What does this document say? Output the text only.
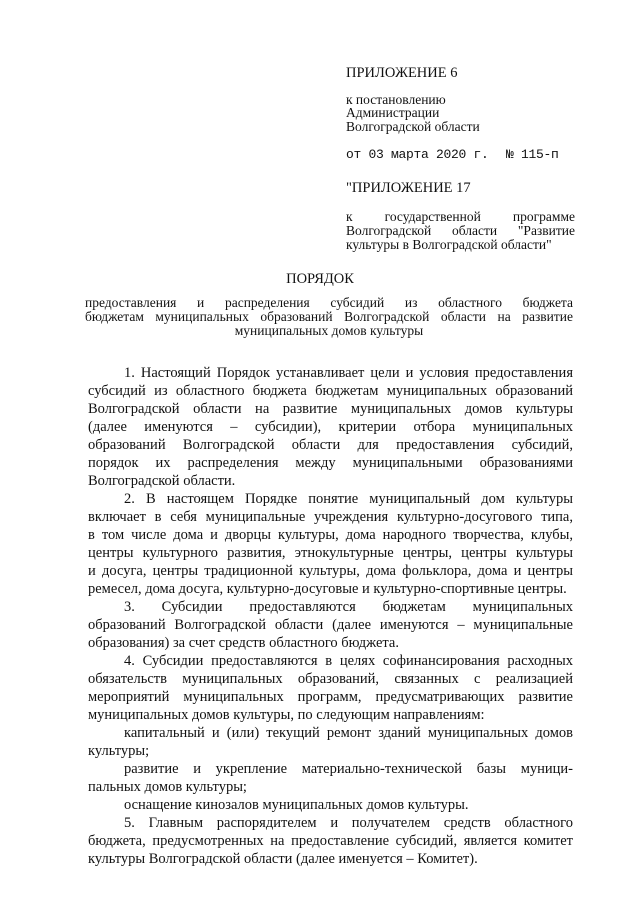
ПРИЛОЖЕНИЕ 6
к постановлению
Администрации
Волгоградской области
от 03 марта 2020 г. № 115-п
"ПРИЛОЖЕНИЕ 17
к государственной программе
Волгоградской области "Развитие
культуры в Волгоградской области"
ПОРЯДОК
предоставления и распределения субсидий из областного бюджета
бюджетам муниципальных образований Волгоградской области на развитие
муниципальных домов культуры
1. Настоящий Порядок устанавливает цели и условия предоставления
субсидий из областного бюджета бюджетам муниципальных образований
Волгоградской области на развитие муниципальных домов культуры
(далее именуются – субсидии), критерии отбора муниципальных
образований Волгоградской области для предоставления субсидий,
порядок их распределения между муниципальными образованиями
Волгоградской области.
2. В настоящем Порядке понятие муниципальный дом культуры
включает в себя муниципальные учреждения культурно-досугового типа,
в том числе дома и дворцы культуры, дома народного творчества, клубы,
центры культурного развития, этнокультурные центры, центры культуры
и досуга, центры традиционной культуры, дома фольклора, дома и центры
ремесел, дома досуга, культурно-досуговые и культурно-спортивные центры.
3. Субсидии предоставляются бюджетам муниципальных
образований Волгоградской области (далее именуются – муниципальные
образования) за счет средств областного бюджета.
4. Субсидии предоставляются в целях софинансирования расходных
обязательств муниципальных образований, связанных с реализацией
мероприятий муниципальных программ, предусматривающих развитие
муниципальных домов культуры, по следующим направлениям:
капитальный и (или) текущий ремонт зданий муниципальных домов
культуры;
развитие и укрепление материально-технической базы муници-
пальных домов культуры;
оснащение кинозалов муниципальных домов культуры.
5. Главным распорядителем и получателем средств областного
бюджета, предусмотренных на предоставление субсидий, является комитет
культуры Волгоградской области (далее именуется – Комитет).
